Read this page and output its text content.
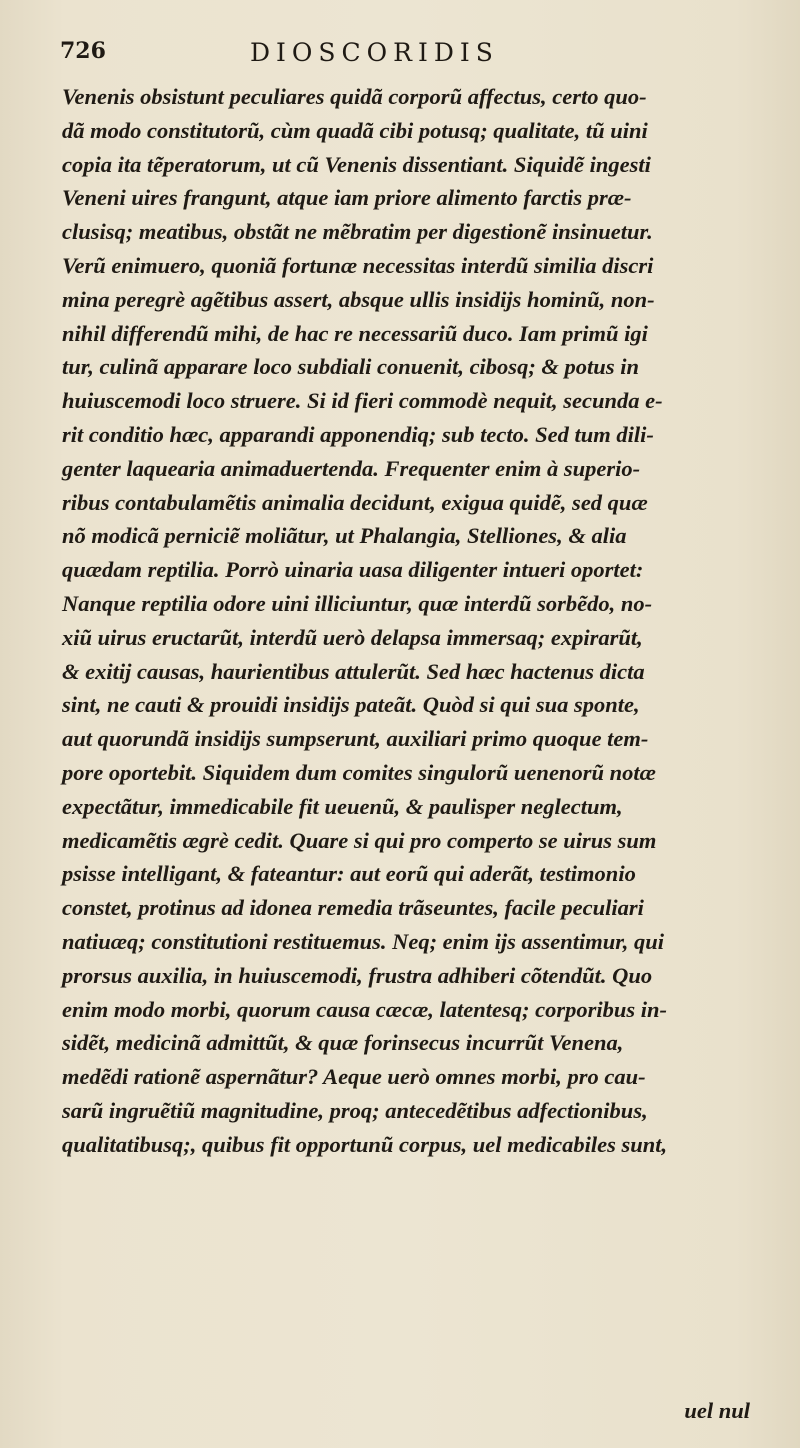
726	DIOSCORIDIS
Venenis obsistunt peculiares quidã corporũ affectus, certo quo-
dã modo constitutorũ, cùm quadã cibi potusq; qualitate, tũ uini
copia ita tẽperatorum, ut cũ Venenis dissentiant. Siquidẽ ingesti
Veneni uires frangunt, atque iam priore alimento farctis præ-
clusisq; meatibus, obstãt ne mẽbratim per digestionẽ insinuetur.
Verũ enimuero, quoniã fortunæ necessitas interdũ similia discri
mina peregrè agẽtibus assert, absque ullis insidijs hominũ, non-
nihil differendũ mihi, de hac re necessariũ duco. Iam primũ igi
tur, culinã apparare loco subdiali conuenit, cibosq; & potus in
huiuscemodi loco struere. Si id fieri commodè nequit, secunda e-
rit conditio hæc, apparandi apponendiq; sub tecto. Sed tum dili-
genter laquearia animaduertenda. Frequenter enim à superio-
ribus contabulamẽtis animalia decidunt, exigua quidẽ, sed quæ
nõ modicã perniciẽ moliãtur, ut Phalangia, Stelliones, & alia
quædam reptilia. Porrò uinaria uasa diligenter intueri oportet:
Nanque reptilia odore uini illiciuntur, quæ interdũ sorbẽdo, no-
xiũ uirus eructarũt, interdũ uerò delapsa immersaq; expirarũt,
& exitij causas, haurientibus attulerũt. Sed hæc hactenus dicta
sint, ne cauti & prouidi insidijs pateãt. Quòd si qui sua sponte,
aut quorundã insidijs sumpserunt, auxiliari primo quoque tem-
pore oportebit. Siquidem dum comites singulorũ uenenorũ notæ
expectãtur, immedicabile fit ueuenũ, & paulisper neglectum,
medicamẽtis ægrè cedit. Quare si qui pro comperto se uirus sum
psisse intelligant, & fateantur: aut eorũ qui aderãt, testimonio
constet, protinus ad idonea remedia trãseuntes, facile peculiari
natiuæq; constitutioni restituemus. Neq; enim ijs assentimur, qui
prorsus auxilia, in huiuscemodi, frustra adhiberi cõtendũt. Quo
enim modo morbi, quorum causa cæcæ, latentesq; corporibus in-
sidẽt, medicinã admittũt, & quæ forinsecus incurrũt Venena,
medẽdi rationẽ aspernãtur? Aeque uerò omnes morbi, pro cau-
sarũ ingruẽtiũ magnitudine, proq; antecedẽtibus adfectionibus,
qualitatibusq;, quibus fit opportunũ corpus, uel medicabiles sunt,
uel nul
